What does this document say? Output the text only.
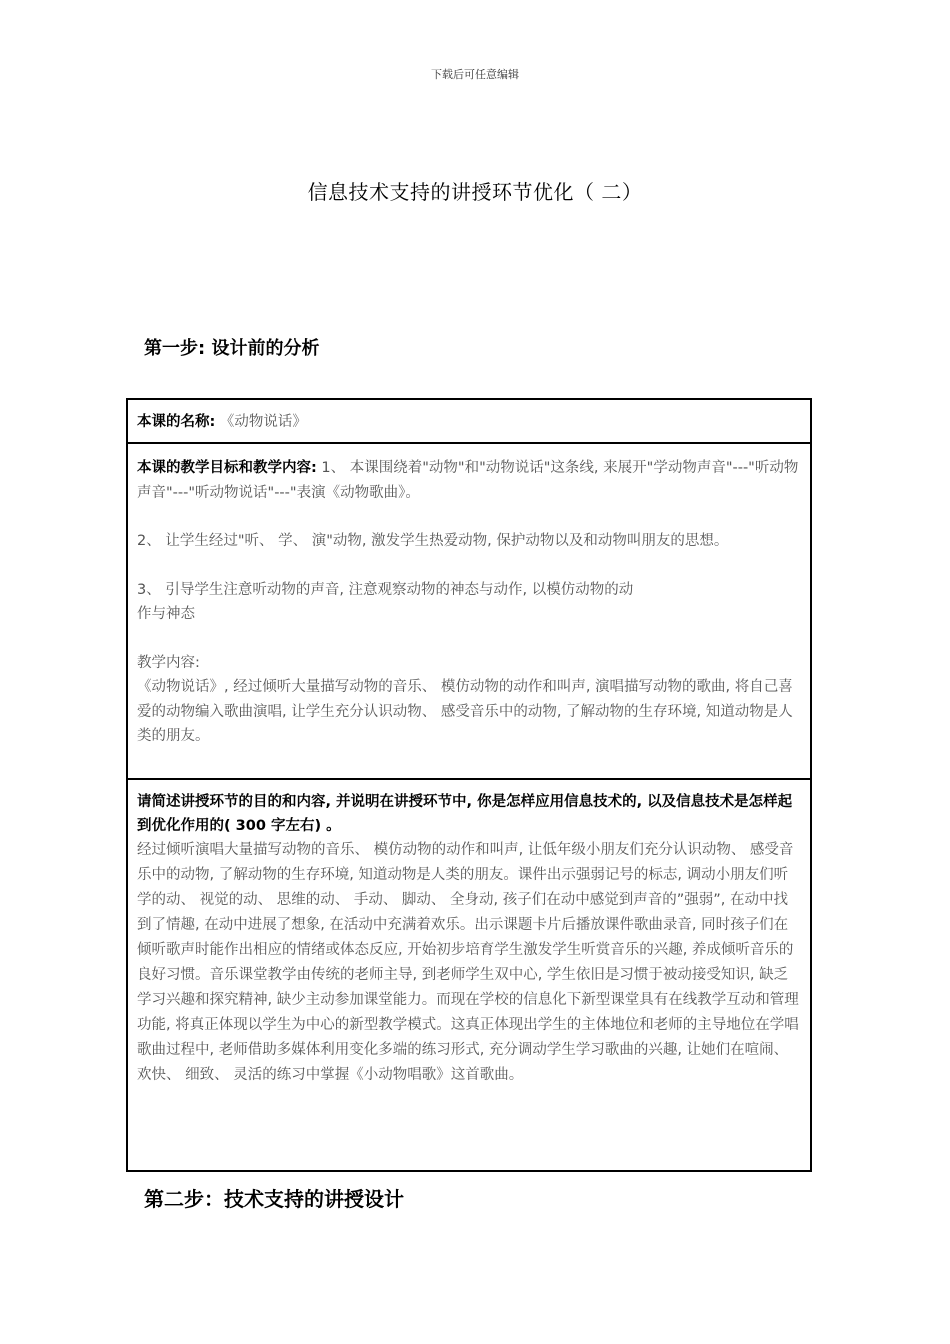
下载后可任意编辑
信息技术支持的讲授环节优化（ 二）
第一步: 设计前的分析
本课的名称: 《动物说话》

本课的教学目标和教学内容: 1、 本课围绕着"动物"和"动物说话"这条线, 来展开"学动物声音"---"听动物声音"---"听动物说话"---"表演《动物歌曲》。

2、 让学生经过"听、 学、 演"动物, 激发学生热爱动物, 保护动物以及和动物叫朋友的思想。

3、 引导学生注意听动物的声音, 注意观察动物的神态与动作, 以模仿动物的动

作与神态

教学内容:

《动物说话》, 经过倾听大量描写动物的音乐、 模仿动物的动作和叫声, 演唱描写动物的歌曲, 将自己喜爱的动物编入歌曲演唱, 让学生充分认识动物、 感受音乐中的动物, 了解动物的生存环境, 知道动物是人类的朋友。

请简述讲授环节的目的和内容, 并说明在讲授环节中, 你是怎样应用信息技术的, 以及信息技术是怎样起到优化作用的( 300 字左右) 。

经过倾听演唱大量描写动物的音乐、 模仿动物的动作和叫声, 让低年级小朋友们充分认识动物、 感受音乐中的动物, 了解动物的生存环境, 知道动物是人类的朋友。课件出示强弱记号的标志, 调动小朋友们听学的动、 视觉的动、 思维的动、 手动、 脚动、 全身动, 孩子们在动中感觉到声音的”强弱”, 在动中找到了情趣, 在动中进展了想象, 在活动中充满着欢乐。出示课题卡片后播放课件歌曲录音, 同时孩子们在倾听歌声时能作出相应的情绪或体态反应, 开始初步培育学生激发学生听赏音乐的兴趣, 养成倾听音乐的良好习惯。音乐课堂教学由传统的老师主导, 到老师学生双中心, 学生依旧是习惯于被动接受知识, 缺乏学习兴趣和探究精神, 缺少主动参加课堂能力。而现在学校的信息化下新型课堂具有在线教学互动和管理功能, 将真正体现以学生为中心的新型教学模式。这真正体现出学生的主体地位和老师的主导地位在学唱歌曲过程中, 老师借助多媒体利用变化多端的练习形式, 充分调动学生学习歌曲的兴趣, 让她们在喧闹、 欢快、 细致、 灵活的练习中掌握《小动物唱歌》这首歌曲。

第二步：技术支持的讲授设计
